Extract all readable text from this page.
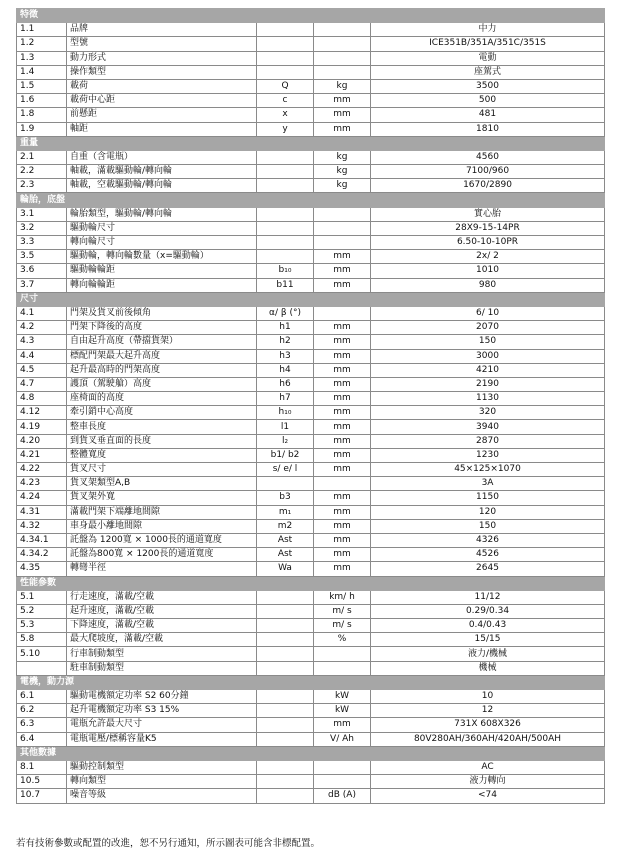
特徵				
1.1	品牌			中力
1.2	型號			ICE351B/351A/351C/351S
1.3	動力形式			電動
1.4	操作類型			座駕式
1.5	載荷	Q	kg	3500
1.6	載荷中心距	c	mm	500
1.8	前懸距	x	mm	481
1.9	軸距	y	mm	1810
重量				
2.1	自重（含電瓶）		kg	4560
2.2	軸載，滿載驅動輪/轉向輪		kg	7100/960
2.3	軸載，空載驅動輪/轉向輪		kg	1670/2890
輪胎，底盤				
3.1	輪胎類型，驅動輪/轉向輪			實心胎
3.2	驅動輪尺寸			28X9-15-14PR
3.3	轉向輪尺寸			6.50-10-10PR
3.5	驅動輪，轉向輪數量（x=驅動輪）		mm	2x/ 2
3.6	驅動輪輪距	b₁₀	mm	1010
3.7	轉向輪輪距	b11	mm	980
尺寸				
4.1	門架及貨叉前後傾角	α/ β (°)		6/ 10
4.2	門架下降後的高度	h1	mm	2070
4.3	自由起升高度（帶擋貨架）	h2	mm	150
4.4	標配門架最大起升高度	h3	mm	3000
4.5	起升最高時的門架高度	h4	mm	4210
4.7	護頂（駕駛艙）高度	h6	mm	2190
4.8	座椅面的高度	h7	mm	1130
4.12	牽引銷中心高度	h₁₀	mm	320
4.19	整車長度	l1	mm	3940
4.20	到貨叉垂直面的長度	l₂	mm	2870
4.21	整體寬度	b1/ b2	mm	1230
4.22	貨叉尺寸	s/ e/ l	mm	45×125×1070
4.23	貨叉架類型A,B			3A
4.24	貨叉架外寬	b3	mm	1150
4.31	滿載門架下端離地間隙	m₁	mm	120
4.32	車身最小離地間隙	m2	mm	150
4.34.1	託盤為 1200寬 × 1000長的通道寬度	Ast	mm	4326
4.34.2	託盤為800寬 × 1200長的通道寬度	Ast	mm	4526
4.35	轉彎半徑	Wa	mm	2645
性能參數				
5.1	行走速度，滿載/空載		km/ h	11/12
5.2	起升速度，滿載/空載		m/ s	0.29/0.34
5.3	下降速度，滿載/空載		m/ s	0.4/0.43
5.8	最大爬坡度，滿載/空載		%	15/15
5.10	行車制動類型			液力/機械
	駐車制動類型			機械
電機，動力源				
6.1	驅動電機額定功率 S2 60分鐘		kW	10
6.2	起升電機額定功率 S3 15%		kW	12
6.3	電瓶允許最大尺寸		mm	731X 608X326
6.4	電瓶電壓/標稱容量K5		V/ Ah	80V280AH/360AH/420AH/500AH
其他數據				
8.1	驅動控制類型			AC
10.5	轉向類型			液力轉向
10.7	噪音等級		dB (A)	<74
若有技術參數或配置的改進，恕不另行通知，所示圖表可能含非標配置。
